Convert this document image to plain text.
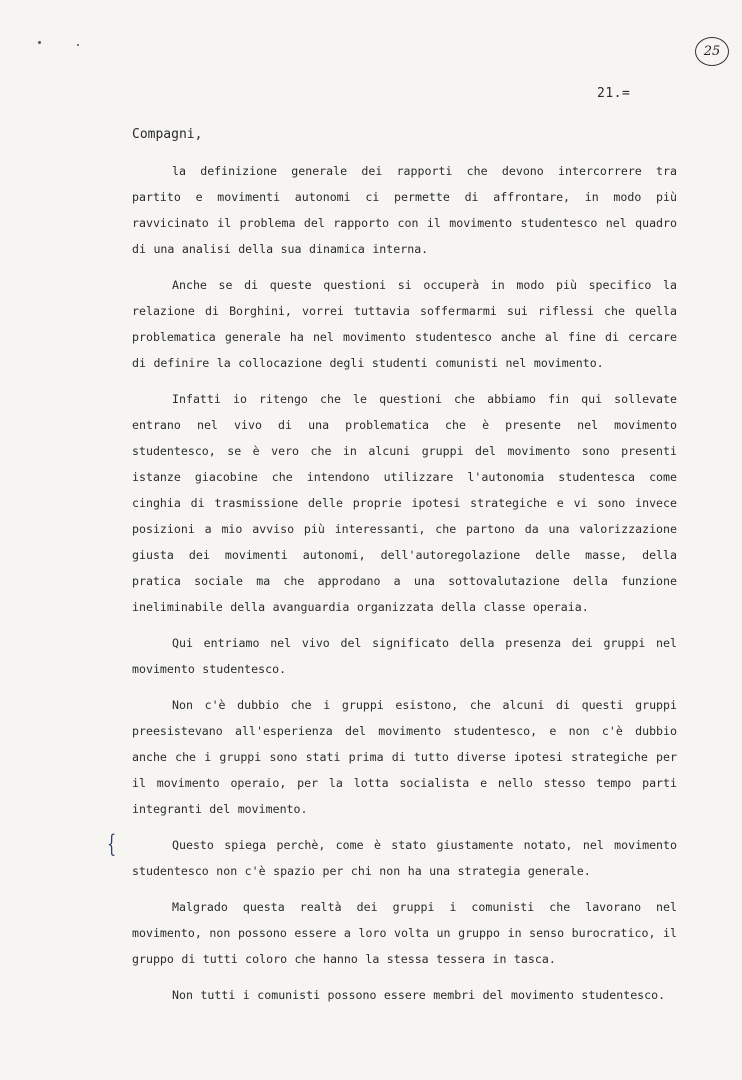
25
21.=
{

Compagni,

la definizione generale dei rapporti che devono intercorrere tra partito e movimenti autonomi ci permette di affrontare, in modo più ravvicinato il problema del rapporto con il movimento studentesco nel quadro di una analisi della sua dinamica interna.

Anche se di queste questioni si occuperà in modo più specifico la relazione di Borghini, vorrei tuttavia soffermarmi sui riflessi che quella problematica generale ha nel movimento studentesco anche al fine di cercare di definire la collocazione degli studenti comunisti nel movimento.

Infatti io ritengo che le questioni che abbiamo fin qui sollevate entrano nel vivo di una problematica che è presente nel movimento studentesco, se è vero che in alcuni gruppi del movimento sono presenti istanze giacobine che intendono utilizzare l'autonomia studentesca come cinghia di trasmissione delle proprie ipotesi strategiche e vi sono invece posizioni a mio avviso più interessanti, che partono da una valorizzazione giusta dei movimenti autonomi, dell'autoregolazione delle masse, della pratica sociale ma che approdano a una sottovalutazione della funzione ineliminabile della avanguardia organizzata della classe operaia.

Qui entriamo nel vivo del significato della presenza dei gruppi nel movimento studentesco.

Non c'è dubbio che i gruppi esistono, che alcuni di questi gruppi preesistevano all'esperienza del movimento studentesco, e non c'è dubbio anche che i gruppi sono stati prima di tutto diverse ipotesi strategiche per il movimento operaio, per la lotta socialista e nello stesso tempo parti integranti del movimento.

Questo spiega perchè, come è stato giustamente notato, nel movimento studentesco non c'è spazio per chi non ha una strategia generale.

Malgrado questa realtà dei gruppi i comunisti che lavorano nel movimento, non possono essere a loro volta un gruppo in senso burocratico, il gruppo di tutti coloro che hanno la stessa tessera in tasca.

Non tutti i comunisti possono essere membri del movimento studentesco.
